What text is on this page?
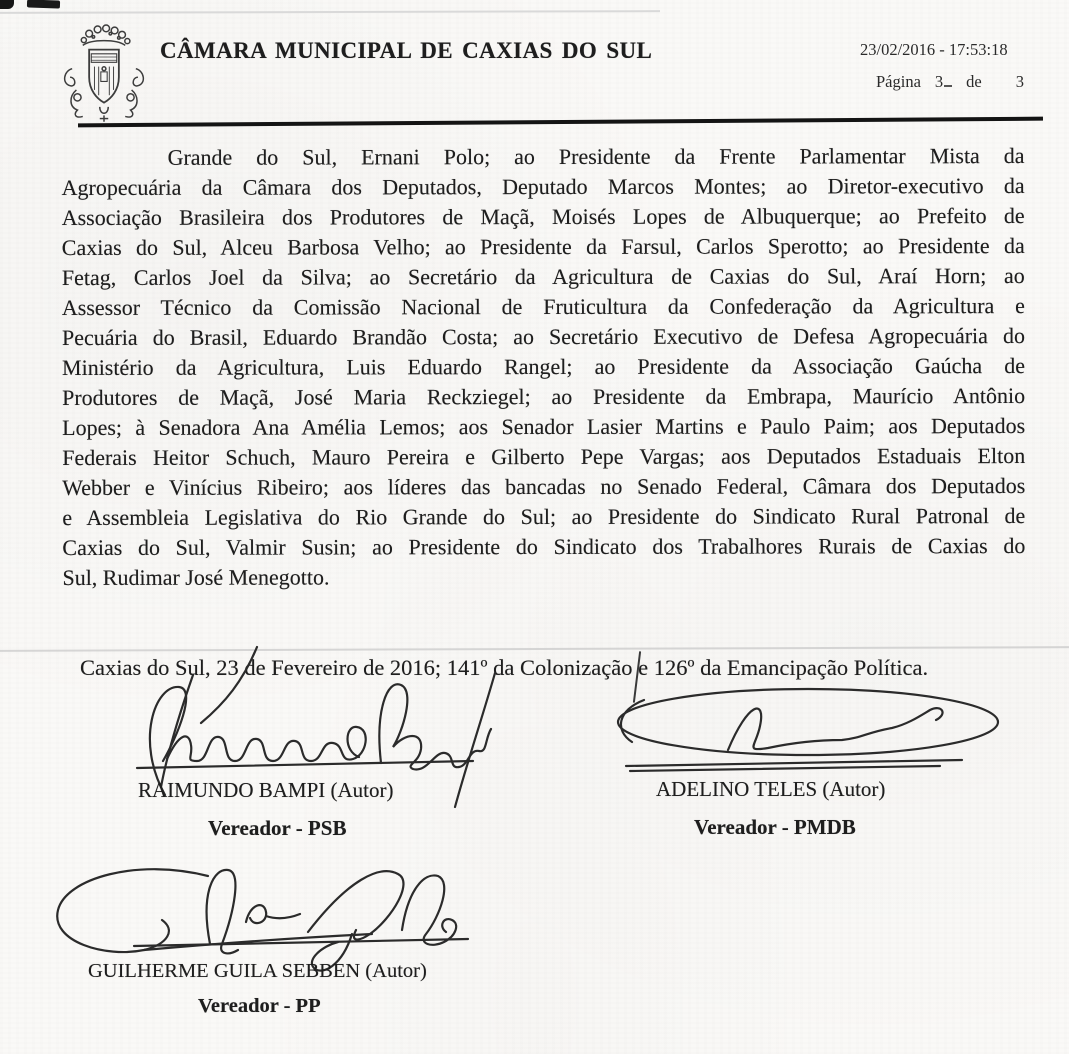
CÂMARA MUNICIPAL DE CAXIAS DO SUL	23/02/2016 - 17:53:18
Página 3 de 3
Grande do Sul, Ernani Polo; ao Presidente da Frente Parlamentar Mista da
Agropecuária da Câmara dos Deputados, Deputado Marcos Montes; ao Diretor-executivo da
Associação Brasileira dos Produtores de Maçã, Moisés Lopes de Albuquerque; ao Prefeito de
Caxias do Sul, Alceu Barbosa Velho; ao Presidente da Farsul, Carlos Sperotto; ao Presidente da
Fetag, Carlos Joel da Silva; ao Secretário da Agricultura de Caxias do Sul, Araí Horn; ao
Assessor Técnico da Comissão Nacional de Fruticultura da Confederação da Agricultura e
Pecuária do Brasil, Eduardo Brandão Costa; ao Secretário Executivo de Defesa Agropecuária do
Ministério da Agricultura, Luis Eduardo Rangel; ao Presidente da Associação Gaúcha de
Produtores de Maçã, José Maria Reckziegel; ao Presidente da Embrapa, Maurício Antônio
Lopes; à Senadora Ana Amélia Lemos; aos Senador Lasier Martins e Paulo Paim; aos Deputados
Federais Heitor Schuch, Mauro Pereira e Gilberto Pepe Vargas; aos Deputados Estaduais Elton
Webber e Vinícius Ribeiro; aos líderes das bancadas no Senado Federal, Câmara dos Deputados
e Assembleia Legislativa do Rio Grande do Sul; ao Presidente do Sindicato Rural Patronal de
Caxias do Sul, Valmir Susin; ao Presidente do Sindicato dos Trabalhores Rurais de Caxias do
Sul, Rudimar José Menegotto.
Caxias do Sul, 23 de Fevereiro de 2016; 141º da Colonização e 126º da Emancipação Política.
RAIMUNDO BAMPI (Autor)
Vereador - PSB
ADELINO TELES (Autor)
Vereador - PMDB
GUILHERME GUILA SEBBEN (Autor)
Vereador - PP
